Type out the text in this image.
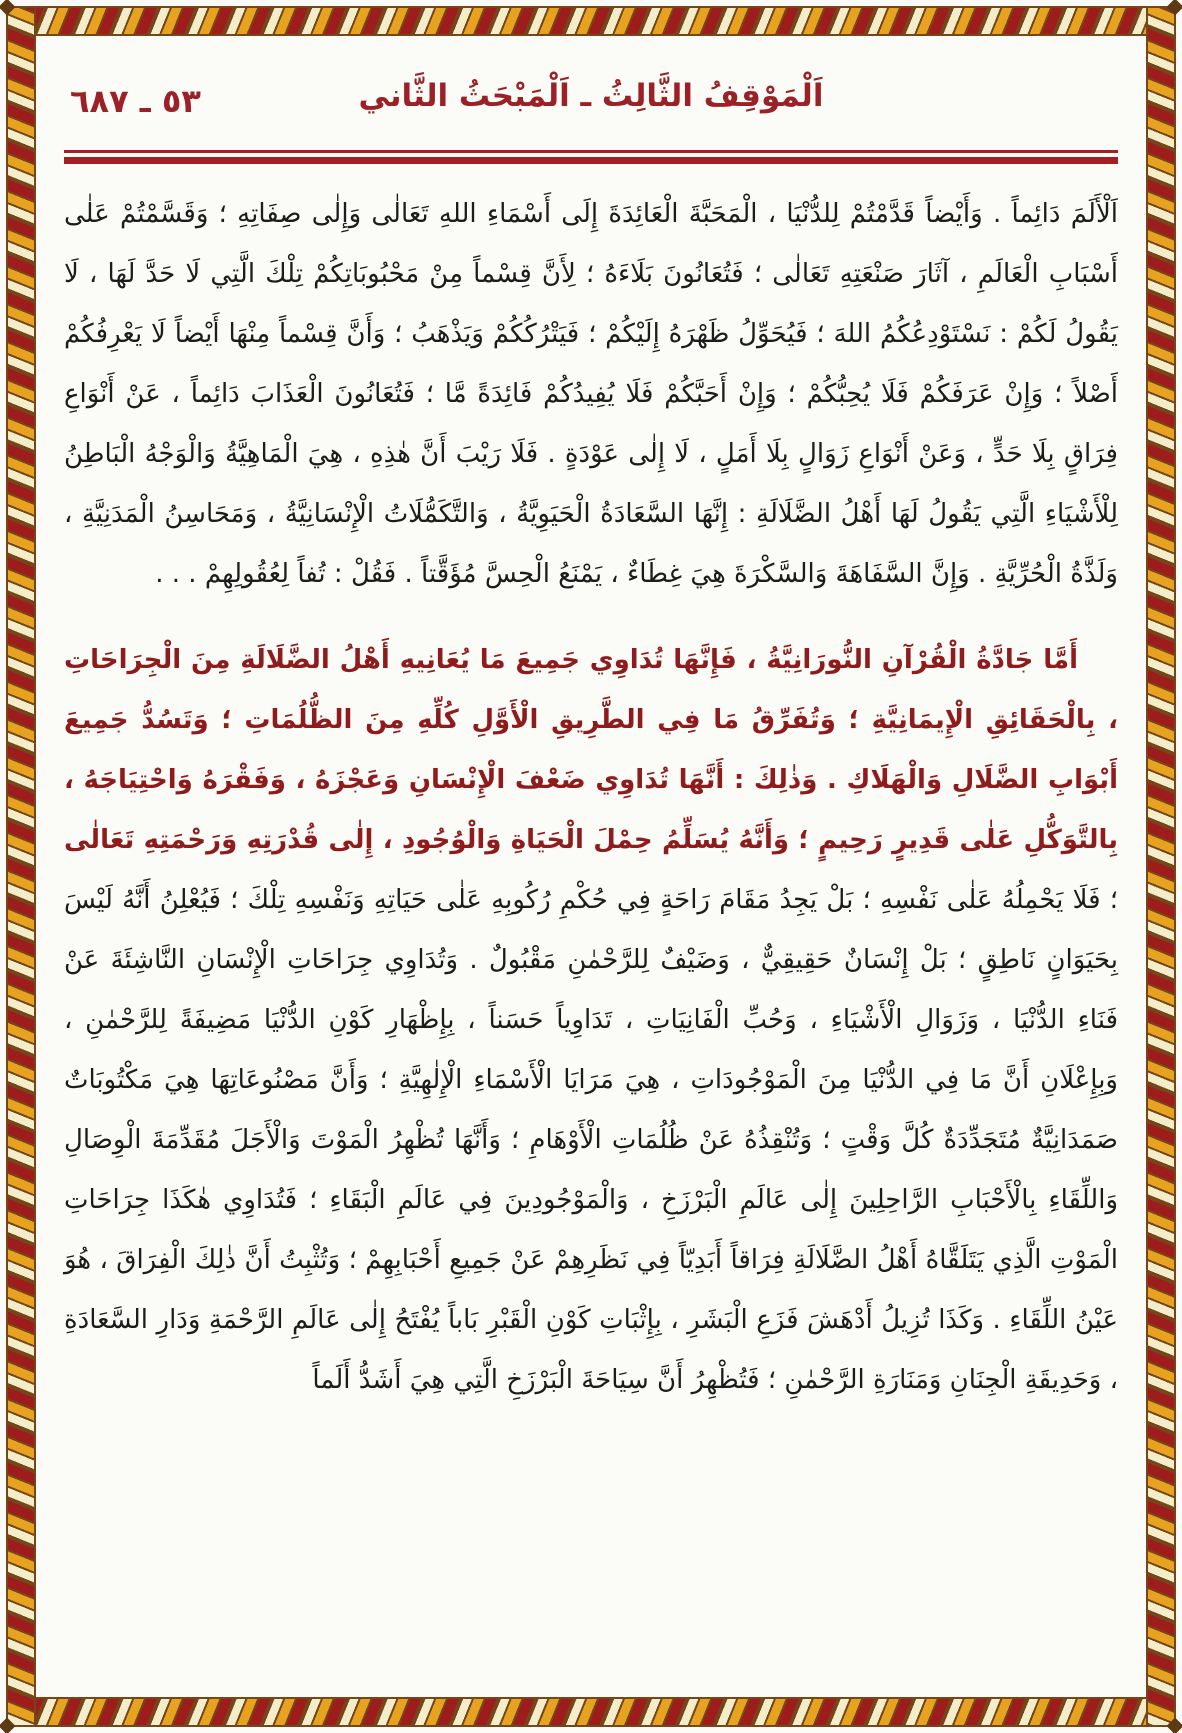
٥٣ ـ ٦٨٧	اَلْمَوْقِفُ الثَّالِثُ ـ اَلْمَبْحَثُ الثَّاني

اَلْأَلَمَ دَائِماً . وَأَيْضاً قَدَّمْتُمْ لِلدُّنْيَا ، الْمَحَبَّةَ الْعَائِدَةَ إِلَى أَسْمَاءِ اللهِ تَعَالٰى وَإِلٰى صِفَاتِهِ ؛ وَقَسَّمْتُمْ عَلٰى أَسْبَابِ الْعَالَمِ ، آثَارَ صَنْعَتِهِ تَعَالٰى ؛ فَتُعَانُونَ بَلَاءَهُ ؛ لِأَنَّ قِسْماً مِنْ مَحْبُوبَاتِكُمْ تِلْكَ الَّتِي لَا حَدَّ لَهَا ، لَا يَقُولُ لَكُمْ : نَسْتَوْدِعُكُمُ اللهَ ؛ فَيُحَوِّلُ ظَهْرَهُ إِلَيْكُمْ ؛ فَيَتْرُكُكُمْ وَيَذْهَبُ ؛ وَأَنَّ قِسْماً مِنْهَا أَيْضاً لَا يَعْرِفُكُمْ أَصْلاً ؛ وَإِنْ عَرَفَكُمْ فَلَا يُحِبُّكُمْ ؛ وَإِنْ أَحَبَّكُمْ فَلَا يُفِيدُكُمْ فَائِدَةً مَّا ؛ فَتُعَانُونَ الْعَذَابَ دَائِماً ، عَنْ أَنْوَاعِ فِرَاقٍ بِلَا حَدٍّ ، وَعَنْ أَنْوَاعِ زَوَالٍ بِلَا أَمَلٍ ، لَا إِلٰى عَوْدَةٍ . فَلَا رَيْبَ أَنَّ هٰذِهِ ، هِيَ الْمَاهِيَّةُ وَالْوَجْهُ الْبَاطِنُ لِلْأَشْيَاءِ الَّتِي يَقُولُ لَهَا أَهْلُ الضَّلَالَةِ : إِنَّهَا السَّعَادَةُ الْحَيَوِيَّةُ ، وَالتَّكَمُّلَاتُ الْإِنْسَانِيَّةُ ، وَمَحَاسِنُ الْمَدَنِيَّةِ ، وَلَذَّةُ الْحُرِّيَّةِ . وَإِنَّ السَّفَاهَةَ وَالسَّكْرَةَ هِيَ غِطَاءٌ ، يَمْنَعُ الْحِسَّ مُؤَقَّتاً . فَقُلْ : تُفاً لِعُقُولِهِمْ . . .

أَمَّا جَادَّةُ الْقُرْآنِ النُّورَانِيَّةُ ، فَإِنَّهَا تُدَاوِي جَمِيعَ مَا يُعَانِيهِ أَهْلُ الضَّلَالَةِ مِنَ الْجِرَاحَاتِ ، بِالْحَقَائِقِ الْإِيمَانِيَّةِ ؛ وَتُفَرِّقُ مَا فِي الطَّرِيقِ الْأَوَّلِ كُلِّهِ مِنَ الظُّلُمَاتِ ؛ وَتَسُدُّ جَمِيعَ أَبْوَابِ الضَّلَالِ وَالْهَلَاكِ . وَذٰلِكَ : أَنَّهَا تُدَاوِي ضَعْفَ الْإِنْسَانِ وَعَجْزَهُ ، وَفَقْرَهُ وَاحْتِيَاجَهُ ، بِالتَّوَكُّلِ عَلٰى قَدِيرٍ رَحِيمٍ ؛ وَأَنَّهُ يُسَلِّمُ حِمْلَ الْحَيَاةِ وَالْوُجُودِ ، إِلٰى قُدْرَتِهِ وَرَحْمَتِهِ تَعَالٰى ؛ فَلَا يَحْمِلُهُ عَلٰى نَفْسِهِ ؛ بَلْ يَجِدُ مَقَامَ رَاحَةٍ فِي حُكْمِ رُكُوبِهِ عَلٰى حَيَاتِهِ وَنَفْسِهِ تِلْكَ ؛ فَيُعْلِنُ أَنَّهُ لَيْسَ بِحَيَوَانٍ نَاطِقٍ ؛ بَلْ إِنْسَانٌ حَقِيقِيٌّ ، وَضَيْفٌ لِلرَّحْمٰنِ مَقْبُولٌ . وَتُدَاوِي جِرَاحَاتِ الْإِنْسَانِ النَّاشِئَةَ عَنْ فَنَاءِ الدُّنْيَا ، وَزَوَالِ الْأَشْيَاءِ ، وَحُبِّ الْفَانِيَاتِ ، تَدَاوِياً حَسَناً ، بِإِظْهَارِ كَوْنِ الدُّنْيَا مَضِيفَةً لِلرَّحْمٰنِ ، وَبِإِعْلَانِ أَنَّ مَا فِي الدُّنْيَا مِنَ الْمَوْجُودَاتِ ، هِيَ مَرَايَا الْأَسْمَاءِ الْإِلٰهِيَّةِ ؛ وَأَنَّ مَصْنُوعَاتِهَا هِيَ مَكْتُوبَاتٌ صَمَدَانِيَّةٌ مُتَجَدِّدَةٌ كُلَّ وَقْتٍ ؛ وَتُنْقِذُهُ عَنْ ظُلُمَاتِ الْأَوْهَامِ ؛ وَأَنَّهَا تُظْهِرُ الْمَوْتَ وَالْأَجَلَ مُقَدِّمَةَ الْوِصَالِ وَاللِّقَاءِ بِالْأَحْبَابِ الرَّاحِلِينَ إِلٰى عَالَمِ الْبَرْزَخِ ، وَالْمَوْجُودِينَ فِي عَالَمِ الْبَقَاءِ ؛ فَتُدَاوِي هٰكَذَا جِرَاحَاتِ الْمَوْتِ الَّذِي يَتَلَقَّاهُ أَهْلُ الضَّلَالَةِ فِرَاقاً أَبَدِيّاً فِي نَظَرِهِمْ عَنْ جَمِيعِ أَحْبَابِهِمْ ؛ وَتُثْبِتُ أَنَّ ذٰلِكَ الْفِرَاقَ ، هُوَ عَيْنُ اللِّقَاءِ . وَكَذَا تُزِيلُ أَدْهَشَ فَزَعِ الْبَشَرِ ، بِإِثْبَاتِ كَوْنِ الْقَبْرِ بَاباً يُفْتَحُ إِلٰى عَالَمِ الرَّحْمَةِ وَدَارِ السَّعَادَةِ ، وَحَدِيقَةِ الْجِنَانِ وَمَنَارَةِ الرَّحْمٰنِ ؛ فَتُظْهِرُ أَنَّ سِيَاحَةَ الْبَرْزَخِ الَّتِي هِيَ أَشَدُّ أَلَماً
